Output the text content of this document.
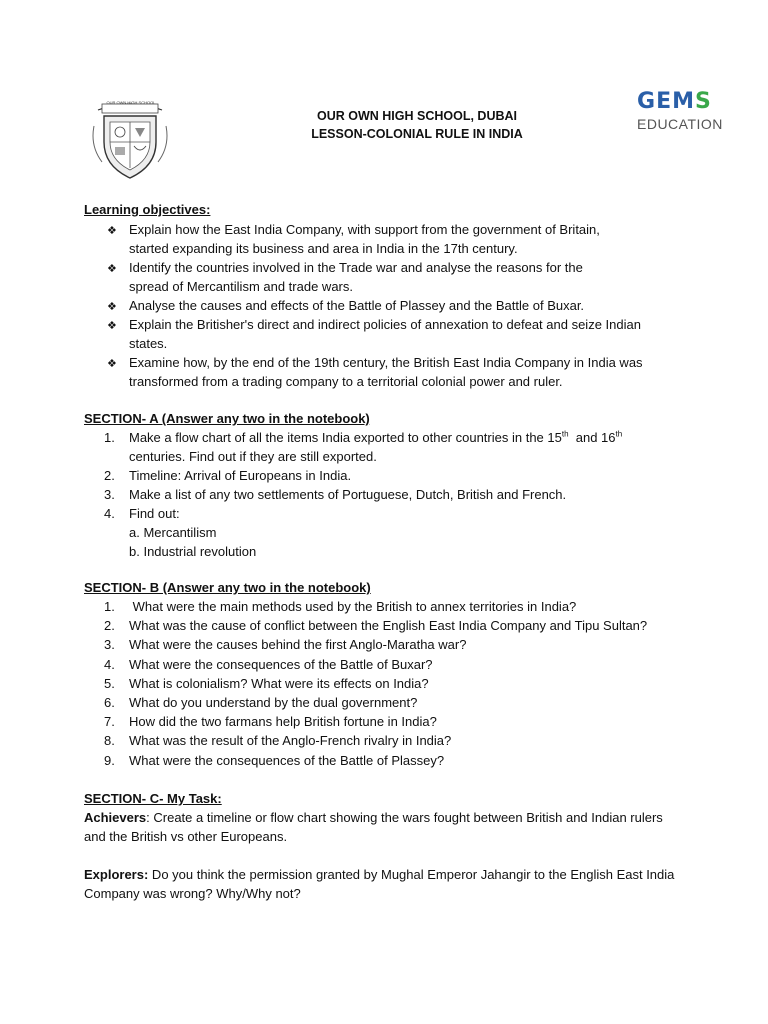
OUR OWN HIGH SCHOOL
OUR OWN HIGH SCHOOL, DUBAI
LESSON-COLONIAL RULE IN INDIA
GEMS
EDUCATION
Learning objectives:
❖ Explain how the East India Company, with support from the government of Britain,
started expanding its business and area in India in the 17th century.
❖ Identify the countries involved in the Trade war and analyse the reasons for the
spread of Mercantilism and trade wars.
❖ Analyse the causes and effects of the Battle of Plassey and the Battle of Buxar.
❖ Explain the Britisher's direct and indirect policies of annexation to defeat and seize Indian
states.
❖ Examine how, by the end of the 19th century, the British East India Company in India was
transformed from a trading company to a territorial colonial power and ruler.
SECTION- A (Answer any two in the notebook)
1. Make a flow chart of all the items India exported to other countries in the 15th  and 16th
centuries. Find out if they are still exported.
2. Timeline: Arrival of Europeans in India.
3. Make a list of any two settlements of Portuguese, Dutch, British and French.
4. Find out:
a. Mercantilism
b. Industrial revolution
SECTION- B (Answer any two in the notebook)
1. What were the main methods used by the British to annex territories in India?
2. What was the cause of conflict between the English East India Company and Tipu Sultan?
3. What were the causes behind the first Anglo-Maratha war?
4. What were the consequences of the Battle of Buxar?
5. What is colonialism? What were its effects on India?
6. What do you understand by the dual government?
7. How did the two farmans help British fortune in India?
8. What was the result of the Anglo-French rivalry in India?
9. What were the consequences of the Battle of Plassey?
SECTION- C- My Task:
Achievers: Create a timeline or flow chart showing the wars fought between British and Indian rulers and the British vs other Europeans.
Explorers: Do you think the permission granted by Mughal Emperor Jahangir to the English East India Company was wrong? Why/Why not?
